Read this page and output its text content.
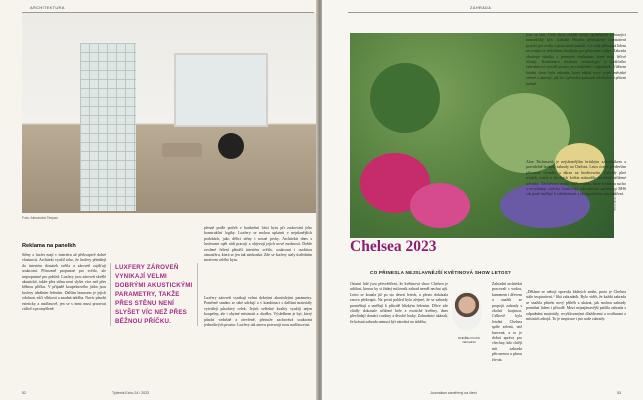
ARCHITEKTURA
Foto: Alexandra Timpau
Reklama na panelkh
Stěny z luxfer mají v interiéru až překvapivě dobré vlastnosti. Architekt využil toho, že luxfery přinášejí do interiéru dostatek světla a zároveň zajišťují soukromí. Přirozeně propustné pro světlo, ale nepropustné pro pohled. Luxfery jsou zároveň skvělé akustické, takže přes stěnu není slyšet více než přes běžnou příčku. V případě koupelnového jádra jsou luxfery ideálním řešením. Dalším bonusem je jejich odolnost vůči vlhkosti a snadná údržba. Navíc působí esteticky a nadčasově, jen se s nimi musí pracovat citlivě a promyšleně.
LUXFERY ZÁROVEŇ VYNIKAJÍ VELMI DOBRÝMI AKUSTICKÝMI PARAMETRY, TAKŽE PŘES STĚNU NENÍ SLYŠET VÍC NEŽ PŘES BĚŽNOU PŘÍČKU.
přesně podle potřeb v konkrétní části bytu při zachování jeho konstrukční logiky. Luxfery se mohou uplatnit v nejrůznějších podobách, jako dělicí stěny i nosné prvky. Architekti dnes s luxferami opět rádi pracují a objevují jejich nové možnosti. Dobře zvolené řešení přináší interiéru světlo, soukromí i osobitou atmosféru, která se jen tak neokouká. Zde se luxfery staly ústředním motivem celého bytu.
Luxfery zároveň vynikají velmi dobrými akustickými parametry. Poměrně snadno se také udržují a v kombinaci s dalšími materiály vytvářejí působivý celek. Jejich světelné kvality využijí nejen koupelny, ale i obytné místnosti a chodby. Výsledkem je byt, který působí vzdušně a otevřeně, přestože zachovává soukromí jednotlivých prostor. Luxfery tak znovu potvrzují svou nadčasovost.
52	Týdeník Echo 24 / 2023
ZAHRADA
Foto: Ondřej Fock
jsou ta tam. Celá show odráží vývoj společnosti a mizející romantický kýč. Zahrada Horatio představuje charitativní projekt pro osoby s poruchami paměti, a je tedy přístupná lidem na vozíku se stolečkem vhodným pro pěstování rostlin. Zahrada obsahuje stínítka s jemnými rostlinami, které mají léčivé účinky. Kombinace moderní technologie a tradičního zahradnictví vytváří prostor pro setkávání i odpočinek. Vítězem letošní show byla zahrada, která nabízí nové pojetí městské zeleně a ukazuje, jak lze s přírodou pracovat udržitelně a přitom krásně.
Alan Titchmarsh je nejslavnějším britským zahradníkem a pravidelně hodnotí zahrady na Chelsea. Letos ocenil především přirozené výsadby a důraz na biodiverzitu. Zahrady plné trvalek, travin a divokých květin nahradily perfektně střižené trávníky. Návštěvníci mohli vidět rostliny, které zvládnou sucho a nevyžadují zálivku. Královská zahradnická společnost RHS tak jasně směřuje k udržitelnosti a ekologickému zahradničení.
„Děláme se nebojí opravdu žádných změn, proto je Chelsea stále inspirativní,“ říká zahradník. Bylo vidět, že každá zahrada se snažila přinést nový příběh a ukázat, jak mohou zahrady pomáhat lidem i přírodě. Mezi nejzajímavější patřila zahrada s odpadními materiály, recyklovanými dlaždicemi a rostlinami z místních zdrojů. To je inspirace i pro naše zahrady.
Chelsea 2023
CO PŘINESLA NEJSLAVNĚJŠÍ KVĚTINOVÁ SHOW LETOS?
Ostatní lidé jsou přesvědčeni, že květinová show Chelsea je událost, kterou by si žádný milovník zahrad neměl nechat ujít. Letos se konala již po sto deseti letech, a přesto dokázala znovu překvapit. Na první pohled bylo zřejmé, že se zahrady proměňují a směřují k přírodě blízkým řešením. Dříve zde vládly dokonale střižené keře a exotické květiny, dnes převládají domácí rostliny a divoké louky. Zahradníci ukázali, že krásná zahrada nemusí být náročná na údržbu.
ONDŘEJ FOCK
zahradník
Zahradní architekti pracovali s vodou, kamenem i dřevem a snažili se propojit zahrady s okolní krajinou. Celkově byla letošní Chelsea spíše zelená, než barevná, a to je dobrá zpráva pro všechny, kdo chtějí mít zahradu přirozenou a plnou života.
Journalism zaměřený na čtení	53
